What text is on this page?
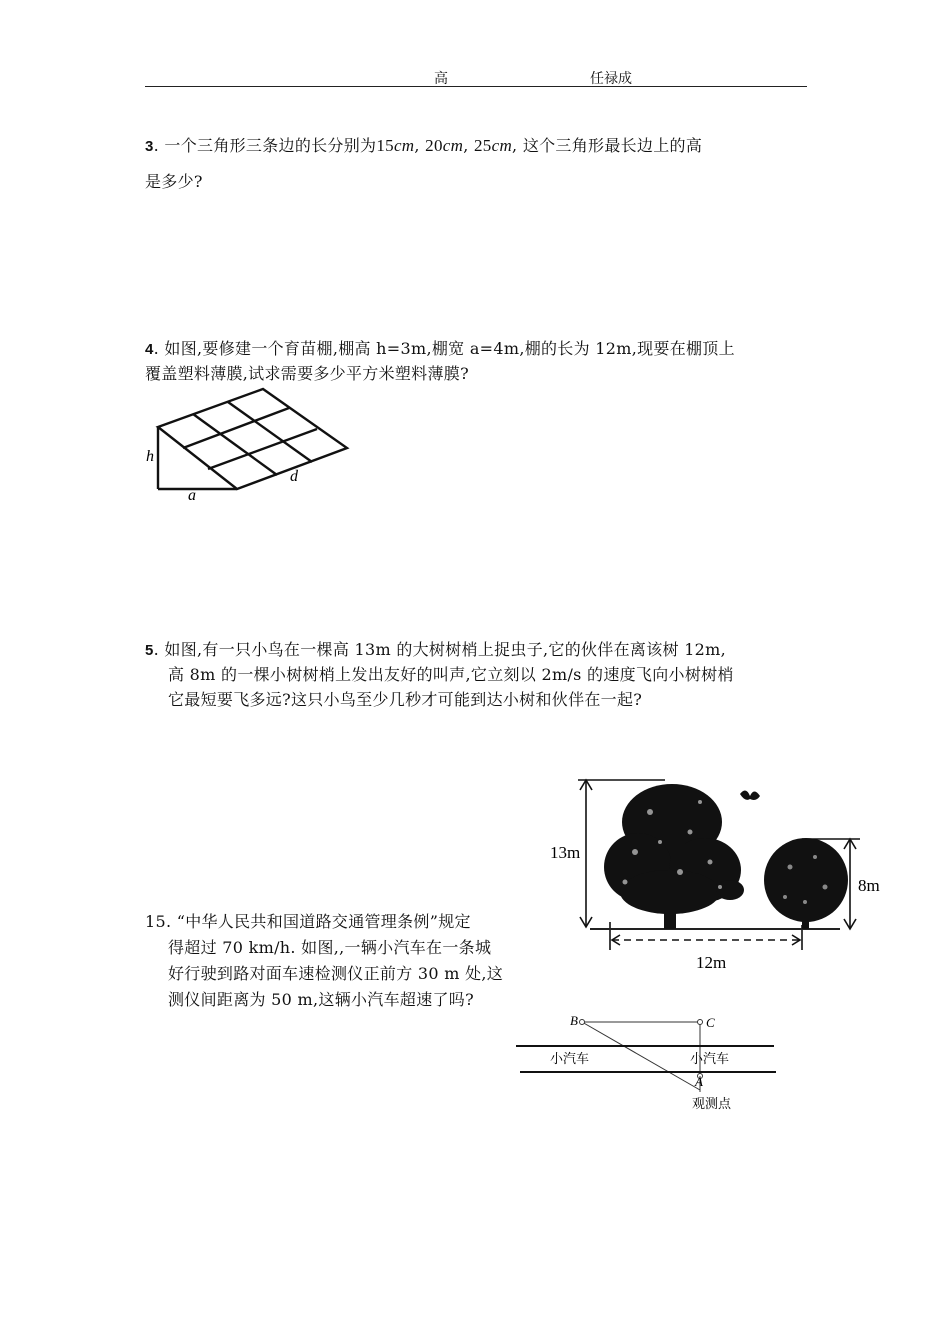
高	任禄成
3. 一个三角形三条边的长分别为15cm, 20cm, 25cm, 这个三角形最长边上的高
是多少?
4. 如图,要修建一个育苗棚,棚高 h=3m,棚宽 a=4m,棚的长为 12m,现要在棚顶上
覆盖塑料薄膜,试求需要多少平方米塑料薄膜?
h
a
d
5. 如图,有一只小鸟在一棵高 13m 的大树树梢上捉虫子,它的伙伴在离该树 12m,
高 8m 的一棵小树树梢上发出友好的叫声,它立刻以 2m/s 的速度飞向小树树梢
它最短要飞多远?这只小鸟至少几秒才可能到达小树和伙伴在一起?
15. “中华人民共和国道路交通管理条例”规定
得超过 70 km/h. 如图,,一辆小汽车在一条城
好行驶到路对面车速检测仪正前方 30 m 处,这
测仪间距离为 50 m,这辆小汽车超速了吗?
13m
8m
12m
B	C
A
小汽车	小汽车
观测点
